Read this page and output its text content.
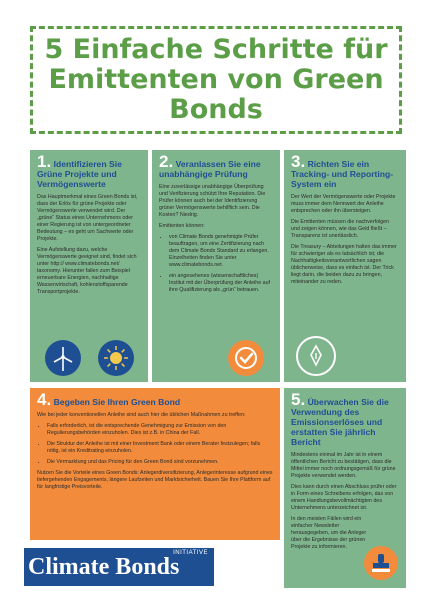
5 Einfache Schritte für Emittenten von Green Bonds
1. Identifizieren Sie Grüne Projekte und Vermögenswerte

Das Hauptmerkmal eines Green Bonds ist, dass der Erlös für grüne Projekte oder Vermögenswerte verwendet wird. Der „grüne“ Status eines Unternehmens oder einer Regierung ist von untergeordneter Bedeutung – es geht um Sachwerte oder Projekte.

Eine Aufstellung dazu, welche Vermögenswerte geeignet sind, findet sich unter http:// www.climatebonds.net/ taxonomy. Hierunter fallen zum Beispiel erneuerbare Energien, nachhaltige Wasserwirtschaft, kohlenstoffsparende Transportprojekte.

2. Veranlassen Sie eine unabhängige Prüfung

Eine zuverlässige unabhängige Überprüfung und Verifizierung schützt Ihre Reputation. Die Prüfer können auch bei der Identifizierung grüner Vermögenswerte behilflich sein. Die Kosten? Niedrig.

Emittenten können:

• von Climate Bonds genehmigte Prüfer beauftragen, um eine Zertifizierung nach dem Climate Bonds Standard zu erlangen. Einzelheiten finden Sie unter www.climatebonds.net.
• ein angesehenes (wissenschaftliches) Institut mit der Überprüfung der Anleihe auf ihre Qualifizierung als „grün“ betrauen.
3. Richten Sie ein Tracking- und Reporting-System ein

Der Wert der Vermögenswerte oder Projekte muss immer dem Nennwert der Anleihe entsprechen oder ihn übersteigen.

Die Emittenten müssen die nachverfolgen und zeigen können, wie das Geld fließt – Transparenz ist unerlässlich.

Die Treasury – Abteilungen halten das immer für schwieriger als es tatsächlich ist; die Nachhaltigkeitsverantwortlichen sagen üblicherweise, dass es einfach ist. Der Trick liegt darin, die beiden dazu zu bringen, miteinander zu reden.

4. Begeben Sie Ihren Green Bond

Wie bei jeder konventionellen Anleihe sind auch hier die üblichen Maßnahmen zu treffen:

• Falls erforderlich, ist die entsprechende Genehmigung zur Emission von den Regulierungsbehörden einzuholen. Dies ist z.B. in China der Fall.
• Die Struktur der Anleihe ist mit einer Investment Bank oder einem Berater festzulegen; falls nötig, ist ein Kreditrating einzuholen.
• Die Vermarktung und das Pricing für den Green Bond sind vorzunehmen.

Nutzen Sie die Vorteile eines Green Bonds: Anlegerdiversifizierung, Anlegerinteresse aufgrund eines tiefergehenden Engagements, längere Laufzeiten und Marktsicherheit. Bauen Sie Ihre Plattform auf für langfristige Preisvorteile.

5. Überwachen Sie die Verwendung des Emissionserlöses und erstatten Sie jährlich Bericht

Mindestens einmal im Jahr ist in einem öffentlichen Bericht zu bestätigen, dass die Mittel immer noch ordnungsgemäß für grüne Projekte verwendet werden.

Dies kann durch einen Abschluss prüfer oder in Form eines Schreibens erfolgen, das von einem Handlungsbevollmächtigten des Unternehmens unterzeichnet ist.

In den meisten Fällen wird ein einfacher Newsletter herausgegeben, um die Anleger über die Ergebnisse der grünen Projekte zu informieren.

Climate Bonds
INITIATIVE
